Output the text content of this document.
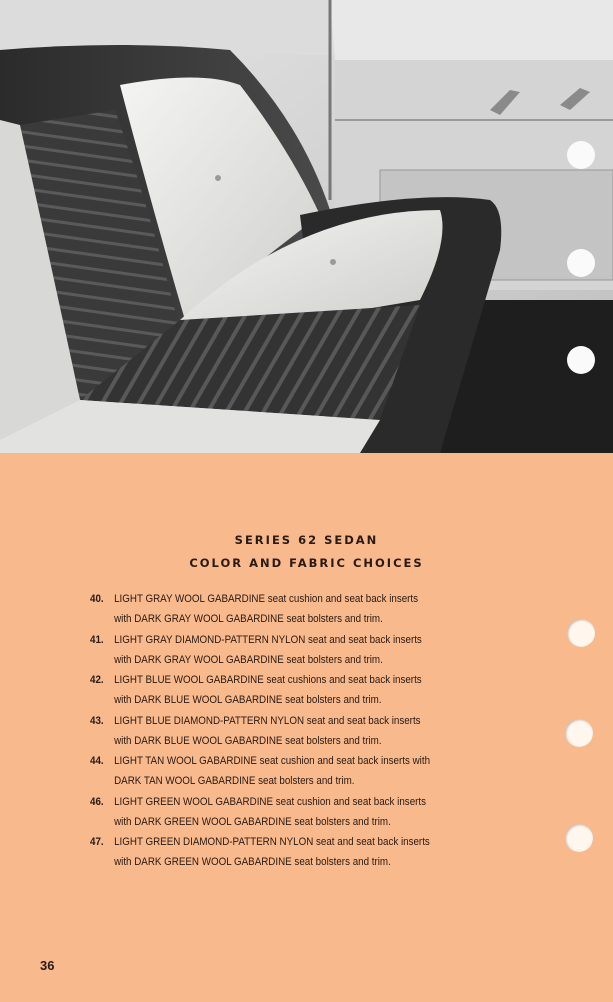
SERIES 62 SEDAN
COLOR AND FABRIC CHOICES
40. LIGHT GRAY WOOL GABARDINE seat cushion and seat back inserts
with DARK GRAY WOOL GABARDINE seat bolsters and trim.
41. LIGHT GRAY DIAMOND-PATTERN NYLON seat and seat back inserts
with DARK GRAY WOOL GABARDINE seat bolsters and trim.
42. LIGHT BLUE WOOL GABARDINE seat cushions and seat back inserts
with DARK BLUE WOOL GABARDINE seat bolsters and trim.
43. LIGHT BLUE DIAMOND-PATTERN NYLON seat and seat back inserts
with DARK BLUE WOOL GABARDINE seat bolsters and trim.
44. LIGHT TAN WOOL GABARDINE seat cushion and seat back inserts with
DARK TAN WOOL GABARDINE seat bolsters and trim.
46. LIGHT GREEN WOOL GABARDINE seat cushion and seat back inserts
with DARK GREEN WOOL GABARDINE seat bolsters and trim.
47. LIGHT GREEN DIAMOND-PATTERN NYLON seat and seat back inserts
with DARK GREEN WOOL GABARDINE seat bolsters and trim.
36
